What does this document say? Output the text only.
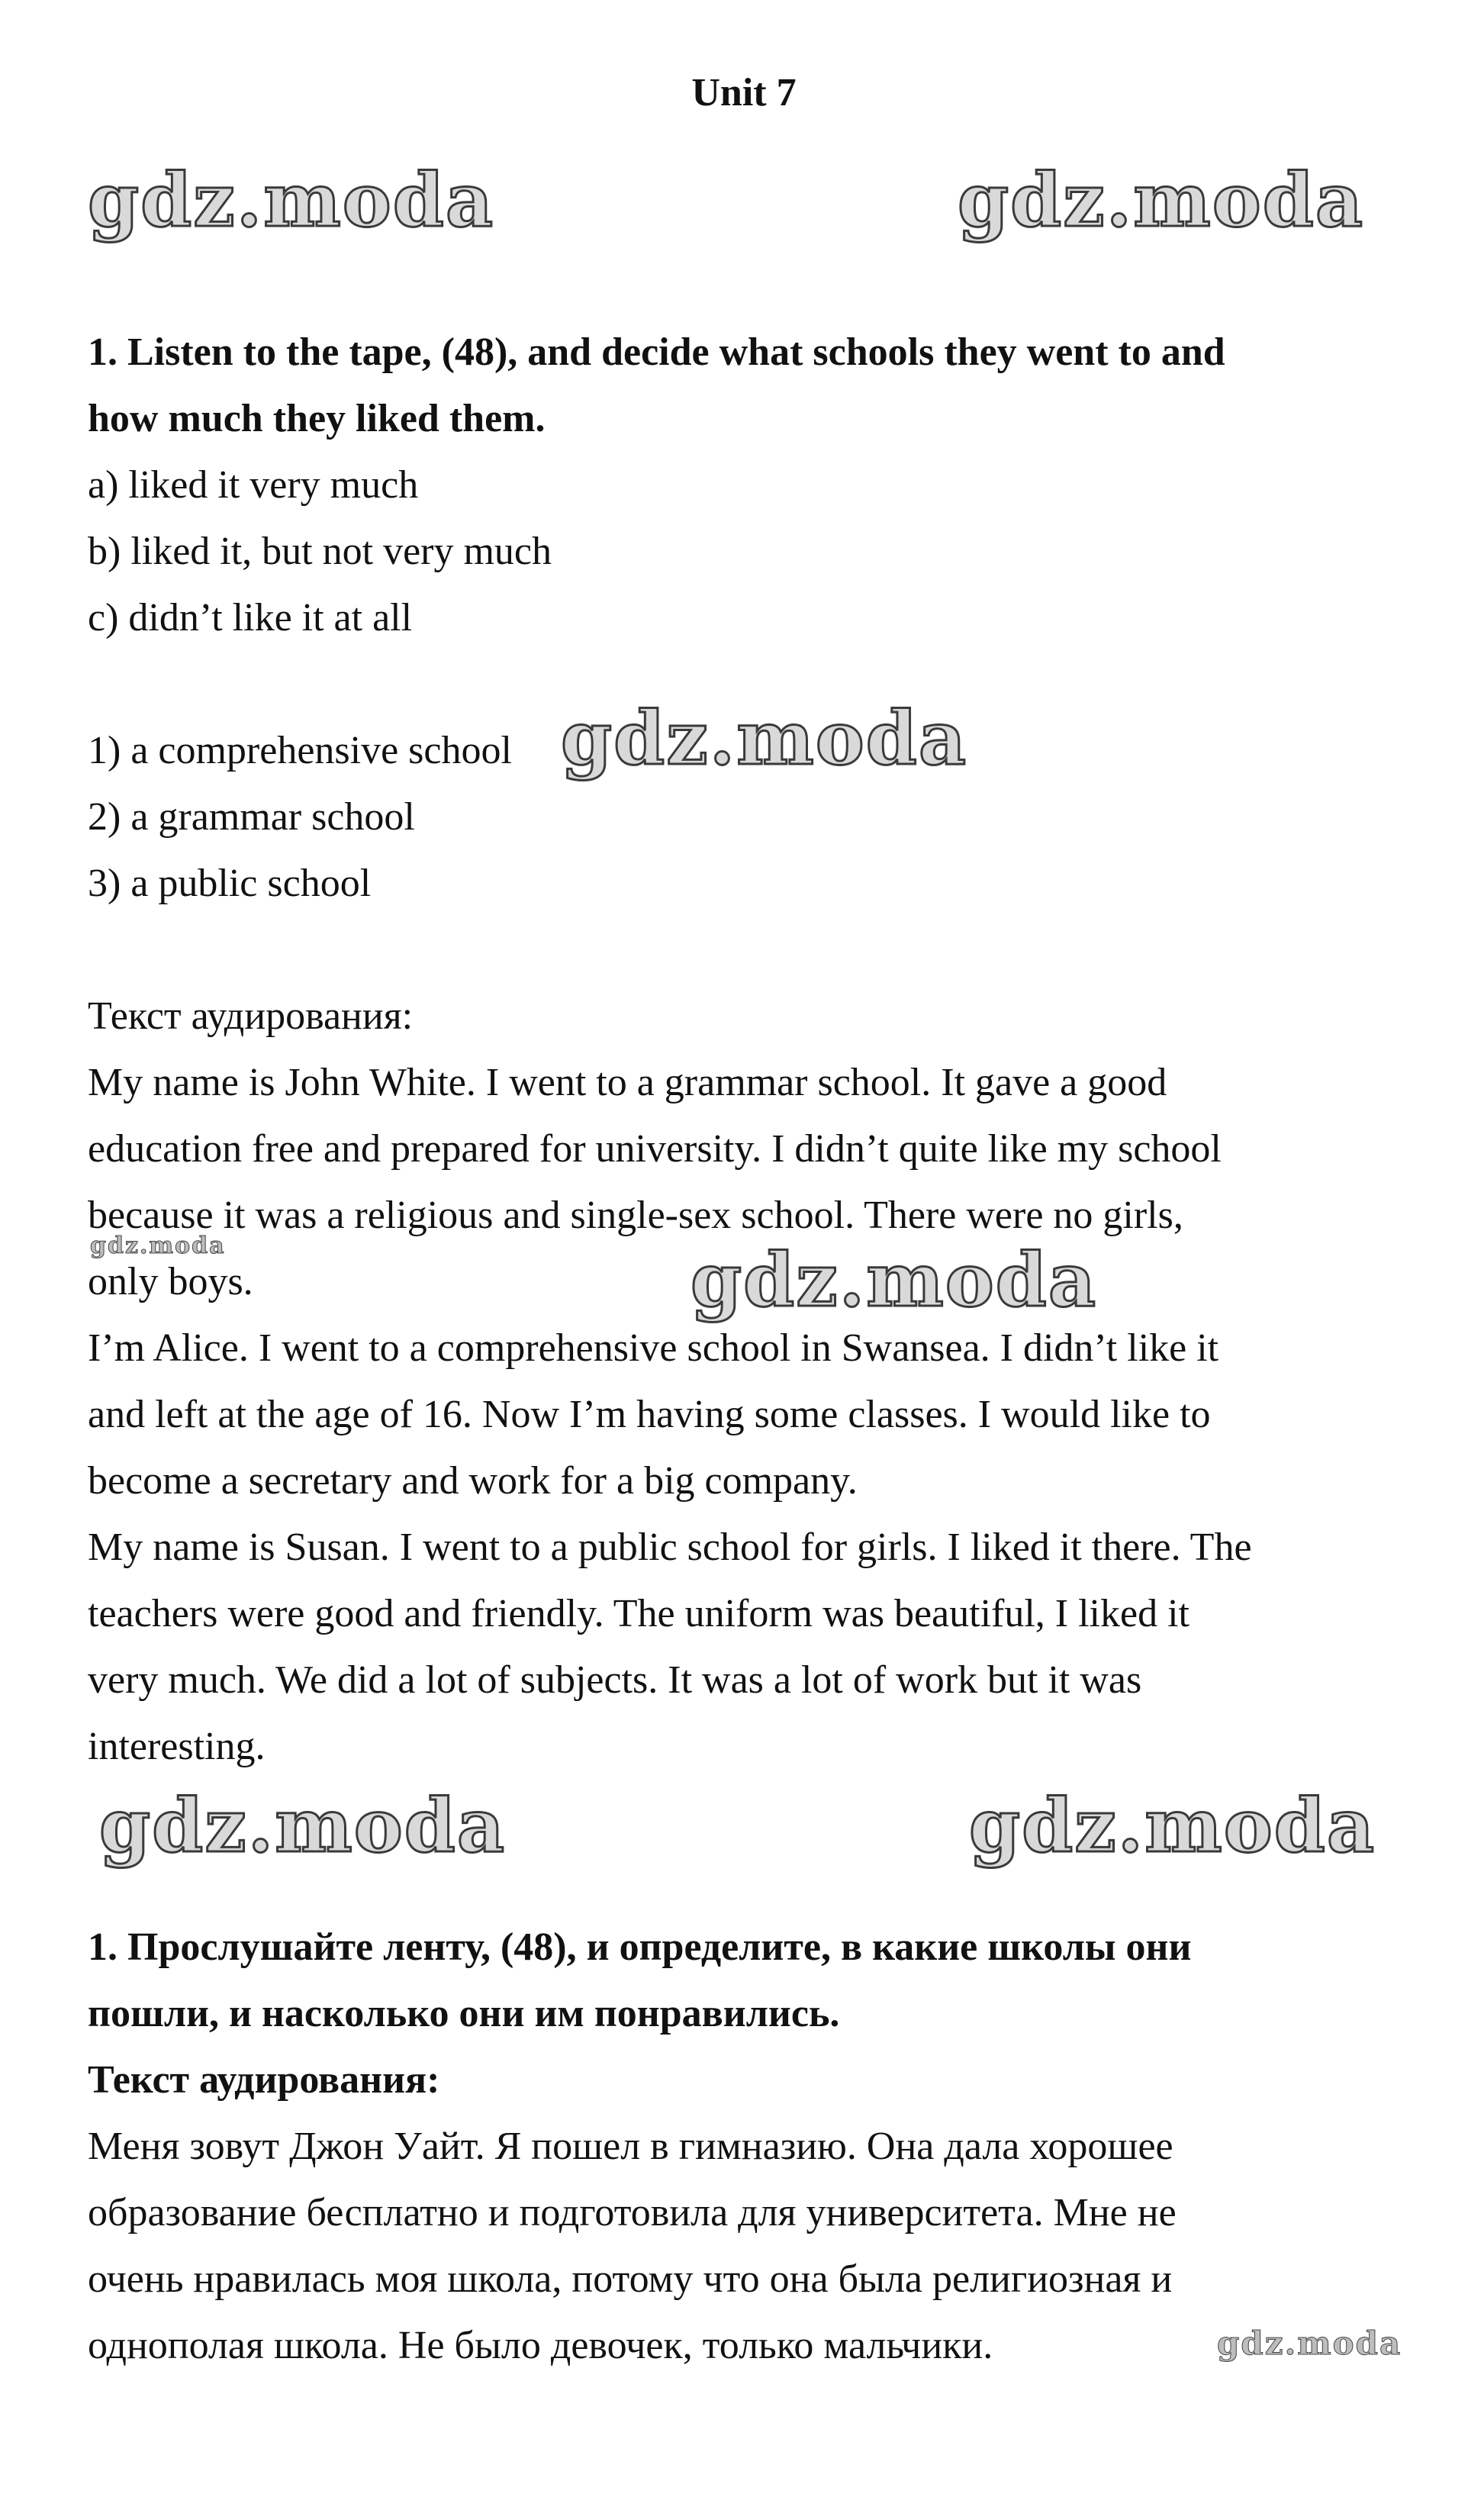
gdz.moda	gdz.moda
gdz.moda
gdz.moda	gdz.moda
gdz.moda	gdz.moda
gdz.moda
Unit 7
1. Listen to the tape, (48), and decide what schools they went to and
how much they liked them.
a) liked it very much
b) liked it, but not very much
c) didn’t like it at all
1) a comprehensive school
2) a grammar school
3) a public school
Текст аудирования:
My name is John White. I went to a grammar school. It gave a good
education free and prepared for university. I didn’t quite like my school
because it was a religious and single-sex school. There were no girls,
only boys.
I’m Alice. I went to a comprehensive school in Swansea. I didn’t like it
and left at the age of 16. Now I’m having some classes. I would like to
become a secretary and work for a big company.
My name is Susan. I went to a public school for girls. I liked it there. The
teachers were good and friendly. The uniform was beautiful, I liked it
very much. We did a lot of subjects. It was a lot of work but it was
interesting.
1. Прослушайте ленту, (48), и определите, в какие школы они
пошли, и насколько они им понравились.
Текст аудирования:
Меня зовут Джон Уайт. Я пошел в гимназию. Она дала хорошее
образование бесплатно и подготовила для университета. Мне не
очень нравилась моя школа, потому что она была религиозная и
однополая школа. Не было девочек, только мальчики.
